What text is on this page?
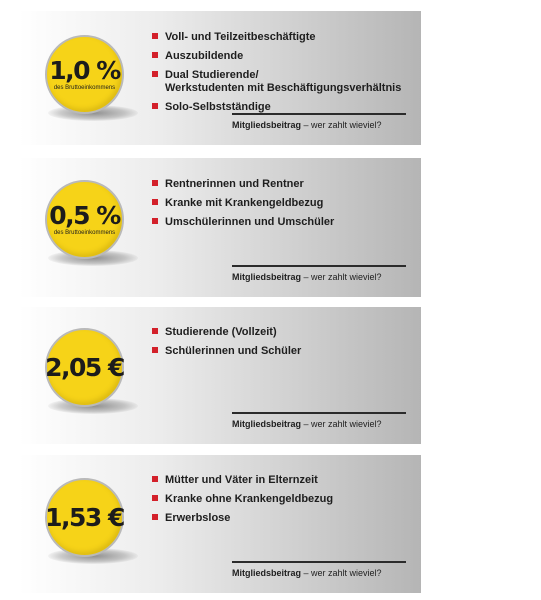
1,0 %
des Bruttoeinkommens
Voll- und Teilzeitbeschäftigte
Auszubildende
Dual Studierende/
Werkstudenten mit Beschäftigungsverhältnis
Solo-Selbstständige
Mitgliedsbeitrag – wer zahlt wieviel?
0,5 %
des Bruttoeinkommens
Rentnerinnen und Rentner
Kranke mit Krankengeldbezug
Umschülerinnen und Umschüler
Mitgliedsbeitrag – wer zahlt wieviel?
2,05 €
Studierende (Vollzeit)
Schülerinnen und Schüler
Mitgliedsbeitrag – wer zahlt wieviel?
1,53 €
Mütter und Väter in Elternzeit
Kranke ohne Krankengeldbezug
Erwerbslose
Mitgliedsbeitrag – wer zahlt wieviel?
